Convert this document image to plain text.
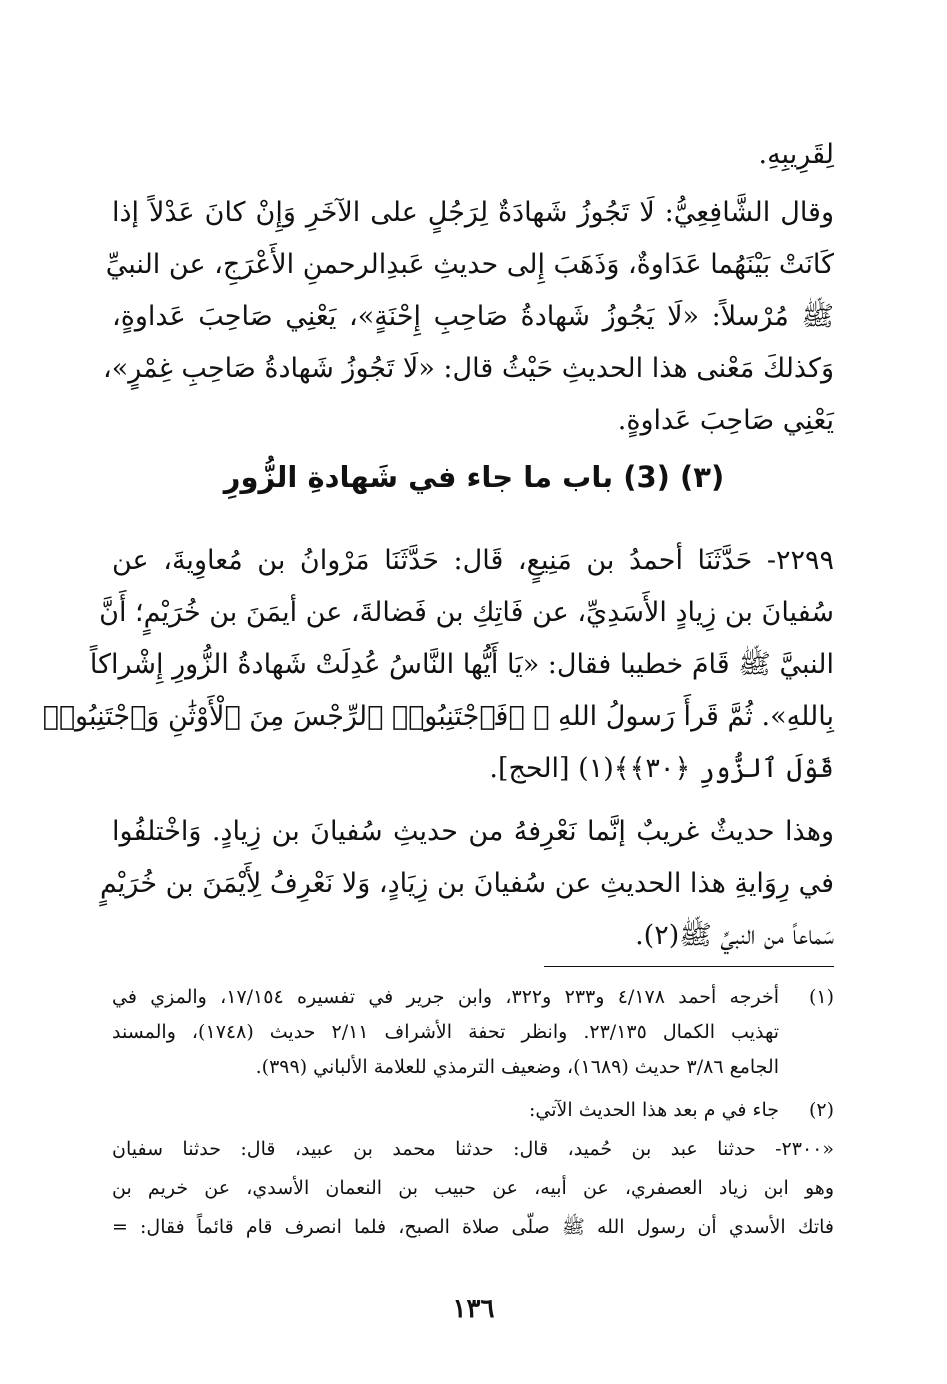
لِقَرِيبِهِ.
وقال الشَّافِعِيُّ: لَا تَجُوزُ شَهادَةٌ لِرَجُلٍ على الآخَرِ وَإِنْ كانَ عَدْلاً إذا
كَانَتْ بَيْنَهُما عَدَاوةٌ، وَذَهَبَ إِلى حديثِ عَبدِالرحمنِ الأَعْرَجِ، عن النبيِّ
ﷺ مُرْسلاً: «لَا يَجُوزُ شَهادةُ صَاحِبِ إِحْنَةٍ»، يَعْنِي صَاحِبَ عَداوةٍ،
وَكذلكَ مَعْنى هذا الحديثِ حَيْثُ قال: «لَا تَجُوزُ شَهادةُ صَاحِبِ غِمْرٍ»،
يَعْنِي صَاحِبَ عَداوةٍ.
(٣) (3) باب ما جاء في شَهادةِ الزُّورِ
٢٢٩٩- حَدَّثَنَا أحمدُ بن مَنِيعٍ، قَال: حَدَّثَنَا مَرْوانُ بن مُعاوِيةَ، عن
سُفيانَ بن زِيادٍ الأَسَدِيِّ، عن فَاتِكِ بن فَضالةَ، عن أيمَنَ بن خُرَيْمٍ؛ أَنَّ
النبيَّ ﷺ قَامَ خطيبا فقال: «يَا أَيُّها النَّاسُ عُدِلَتْ شَهادةُ الزُّورِ إِشْراكاً
بِاللهِ». ثُمَّ قَرأَ رَسولُ اللهِ ﷺ ﴿فَٱجْتَنِبُوا۟ ٱلرِّجْسَ مِنَ ٱلْأَوْثَٰنِ وَٱجْتَنِبُوا۟
قَوْلَ ٱلزُّورِ ﴿٣٠﴾﴾(١) [الحج].
وهذا حديثٌ غريبٌ إنَّما نَعْرِفهُ من حديثِ سُفيانَ بن زِيادٍ. وَاخْتلفُوا
في رِوَايةِ هذا الحديثِ عن سُفيانَ بن زِيَادٍ، وَلا نَعْرِفُ لِأَيْمَنَ بن خُرَيْمٍ
سَماعاً من النبيِّ ﷺ(٢).
(١)
أخرجه أحمد ٤/١٧٨ و٢٣٣ و٣٢٢، وابن جرير في تفسيره ١٧/١٥٤، والمزي في
تهذيب الكمال ٢٣/١٣٥. وانظر تحفة الأشراف ٢/١١ حديث (١٧٤٨)، والمسند
الجامع ٣/٨٦ حديث (١٦٨٩)، وضعيف الترمذي للعلامة الألباني (٣٩٩).
(٢)
جاء في م بعد هذا الحديث الآتي:
«٢٣٠٠- حدثنا عبد بن حُميد، قال: حدثنا محمد بن عبيد، قال: حدثنا سفيان
وهو ابن زياد العصفري، عن أبيه، عن حبيب بن النعمان الأسدي، عن خريم بن
فاتك الأسدي أن رسول الله ﷺ صلّى صلاة الصبح، فلما انصرف قام قائماً فقال: =
١٣٦
